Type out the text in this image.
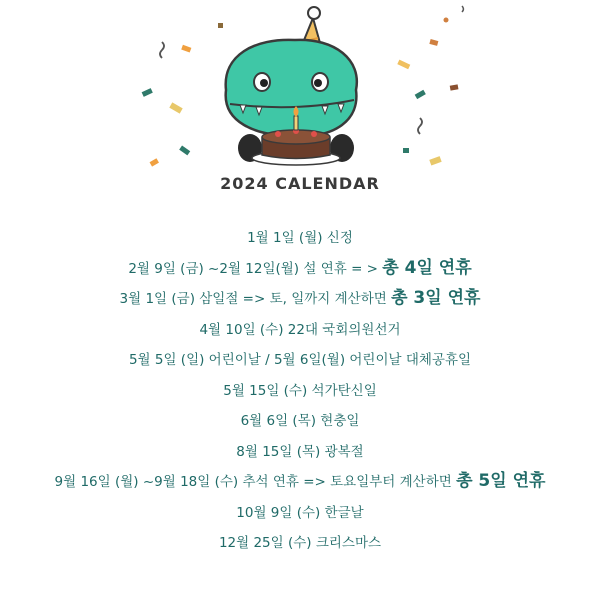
2024 CALENDAR
1월 1일 (월) 신정
2월 9일 (금) ~2월 12일(월) 설 연휴 = > 총 4일 연휴
3월 1일 (금) 삼일절 => 토, 일까지 계산하면 총 3일 연휴
4월 10일 (수) 22대 국회의원선거
5월 5일 (일) 어린이날 / 5월 6일(월) 어린이날 대체공휴일
5월 15일 (수) 석가탄신일
6월 6일 (목) 현충일
8월 15일 (목) 광복절
9월 16일 (월) ~9월 18일 (수) 추석 연휴 => 토요일부터 계산하면 총 5일 연휴
10월 9일 (수) 한글날
12월 25일 (수) 크리스마스
